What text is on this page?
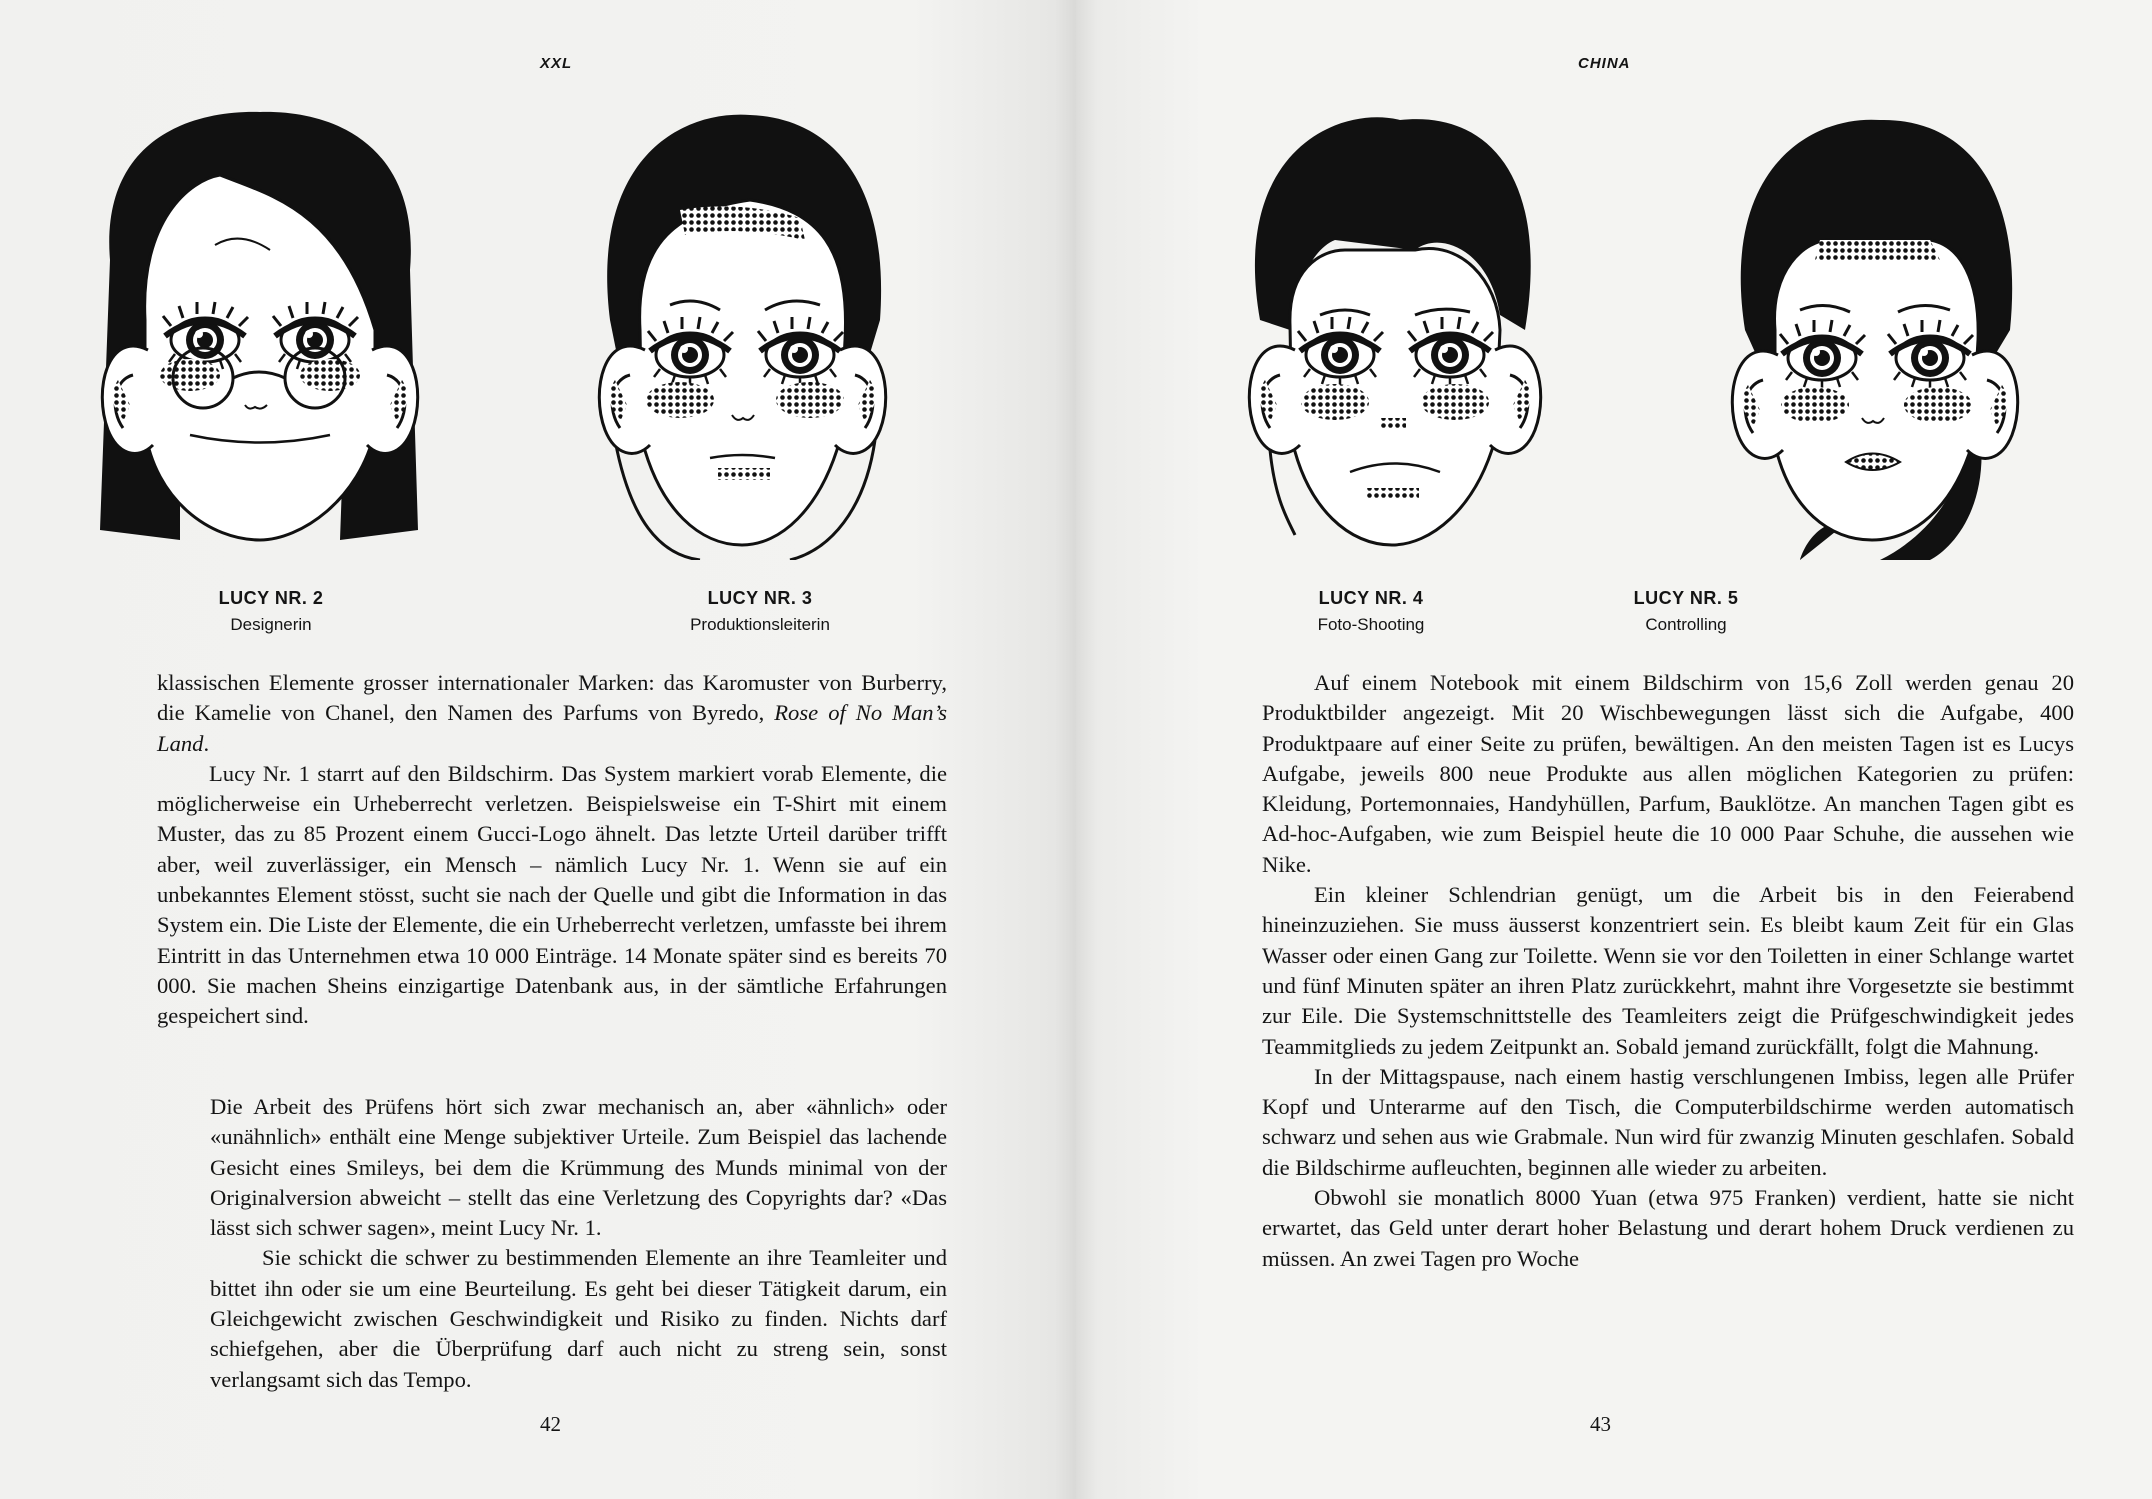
XXL
LUCY NR. 2
Designerin
LUCY NR. 3
Produktionsleiterin

klassischen Elemente grosser internationaler Marken: das Karomuster von Burberry, die Kamelie von Chanel, den Namen des Parfums von Byredo, Rose of No Man’s Land.

Lucy Nr. 1 starrt auf den Bildschirm. Das System markiert vorab Elemente, die möglicherweise ein Urheberrecht verletzen. Beispielsweise ein T-Shirt mit einem Muster, das zu 85 Prozent einem Gucci-Logo ähnelt. Das letzte Urteil darüber trifft aber, weil zuverlässiger, ein Mensch – nämlich Lucy Nr. 1. Wenn sie auf ein unbekanntes Element stösst, sucht sie nach der Quelle und gibt die Information in das System ein. Die Liste der Elemente, die ein Urheberrecht verletzen, umfasste bei ihrem Eintritt in das Unternehmen etwa 10 000 Einträge. 14 Monate später sind es bereits 70 000. Sie machen Sheins einzigartige Datenbank aus, in der sämtliche Erfahrungen gespeichert sind.

Die Arbeit des Prüfens hört sich zwar mechanisch an, aber «ähnlich» oder «unähnlich» enthält eine Menge subjektiver Urteile. Zum Beispiel das lachende Gesicht eines Smileys, bei dem die Krümmung des Munds minimal von der Originalversion abweicht – stellt das eine Verletzung des Copyrights dar? «Das lässt sich schwer sagen», meint Lucy Nr. 1.

Sie schickt die schwer zu bestimmenden Elemente an ihre Teamleiter und bittet ihn oder sie um eine Beurteilung. Es geht bei dieser Tätigkeit darum, ein Gleichgewicht zwischen Geschwindigkeit und Risiko zu finden. Nichts darf schiefgehen, aber die Überprüfung darf auch nicht zu streng sein, sonst verlangsamt sich das Tempo.

42
CHINA
LUCY NR. 4
Foto-Shooting
LUCY NR. 5
Controlling

Auf einem Notebook mit einem Bildschirm von 15,6 Zoll werden genau 20 Produktbilder angezeigt. Mit 20 Wischbewegungen lässt sich die Aufgabe, 400 Produktpaare auf einer Seite zu prüfen, bewältigen. An den meisten Tagen ist es Lucys Aufgabe, jeweils 800 neue Produkte aus allen möglichen Kategorien zu prüfen: Kleidung, Portemonnaies, Handyhüllen, Parfum, Bauklötze. An manchen Tagen gibt es Ad-hoc-Aufgaben, wie zum Beispiel heute die 10 000 Paar Schuhe, die aussehen wie Nike.

Ein kleiner Schlendrian genügt, um die Arbeit bis in den Feierabend hineinzuziehen. Sie muss äusserst konzentriert sein. Es bleibt kaum Zeit für ein Glas Wasser oder einen Gang zur Toilette. Wenn sie vor den Toiletten in einer Schlange wartet und fünf Minuten später an ihren Platz zurückkehrt, mahnt ihre Vorgesetzte sie bestimmt zur Eile. Die Systemschnittstelle des Teamleiters zeigt die Prüfgeschwindigkeit jedes Teammitglieds zu jedem Zeitpunkt an. Sobald jemand zurückfällt, folgt die Mahnung.

In der Mittagspause, nach einem hastig verschlungenen Imbiss, legen alle Prüfer Kopf und Unterarme auf den Tisch, die Computerbildschirme werden automatisch schwarz und sehen aus wie Grabmale. Nun wird für zwanzig Minuten geschlafen. Sobald die Bildschirme aufleuchten, beginnen alle wieder zu arbeiten.

Obwohl sie monatlich 8000 Yuan (etwa 975 Franken) verdient, hatte sie nicht erwartet, das Geld unter derart hoher Belastung und derart hohem Druck verdienen zu müssen. An zwei Tagen pro Woche

43
